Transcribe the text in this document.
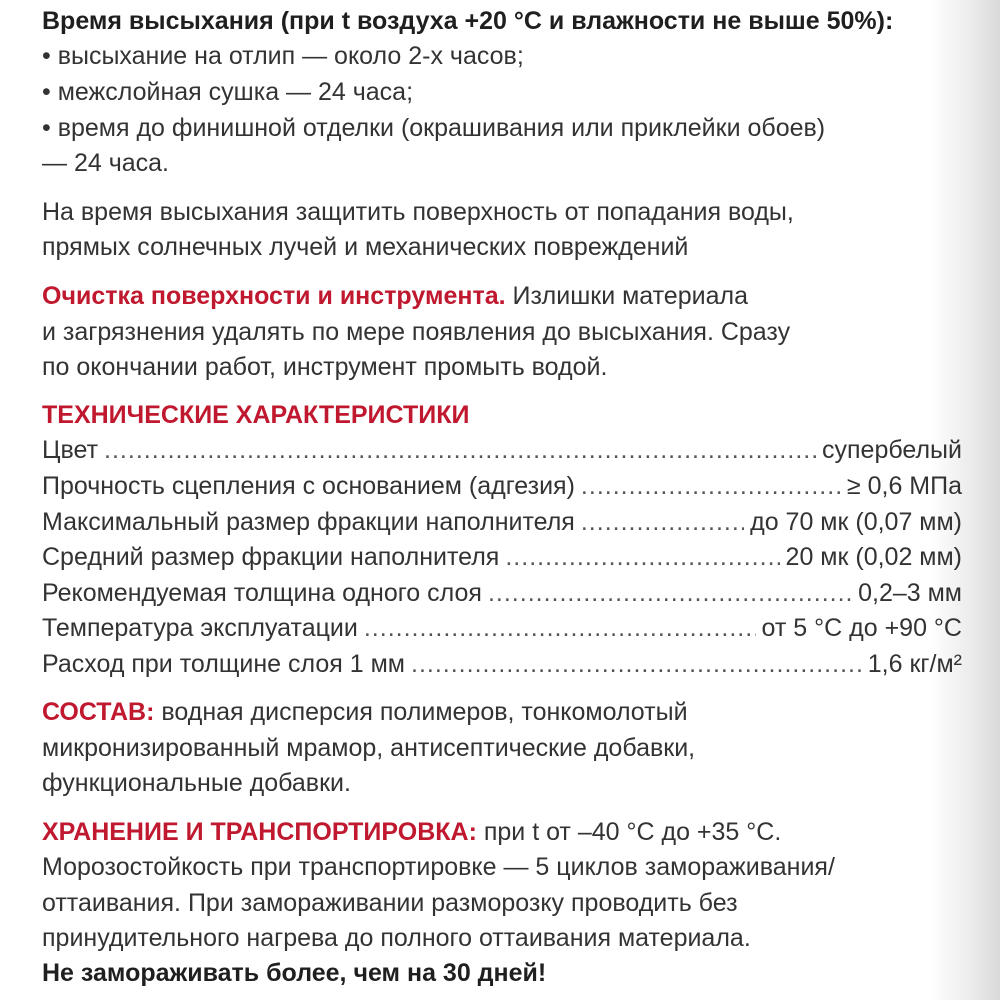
Время высыхания (при t воздуха +20 °С и влажности не выше 50%):
• высыхание на отлип — около 2-х часов;
• межслойная сушка — 24 часа;
• время до финишной отделки (окрашивания или приклейки обоев)
— 24 часа.
На время высыхания защитить поверхность от попадания воды,
прямых солнечных лучей и механических повреждений
Очистка поверхности и инструмента. Излишки материала
и загрязнения удалять по мере появления до высыхания. Сразу
по окончании работ, инструмент промыть водой.
ТЕХНИЧЕСКИЕ ХАРАКТЕРИСТИКИ
Цвет .....	супербелый
Прочность сцепления с основанием (адгезия) .....	≥ 0,6 МПа
Максимальный размер фракции наполнителя .....	до 70 мк (0,07 мм)
Средний размер фракции наполнителя .....	20 мк (0,02 мм)
Рекомендуемая толщина одного слоя .....	0,2–3 мм
Температура эксплуатации .....	от 5 °С до +90 °С
Расход при толщине слоя 1 мм .....	1,6 кг/м²
СОСТАВ: водная дисперсия полимеров, тонкомолотый
микронизированный мрамор, антисептические добавки,
функциональные добавки.
ХРАНЕНИЕ И ТРАНСПОРТИРОВКА: при t от –40 °С до +35 °С.
Морозостойкость при транспортировке — 5 циклов замораживания/
оттаивания. При замораживании разморозку проводить без
принудительного нагрева до полного оттаивания материала.
Не замораживать более, чем на 30 дней!
